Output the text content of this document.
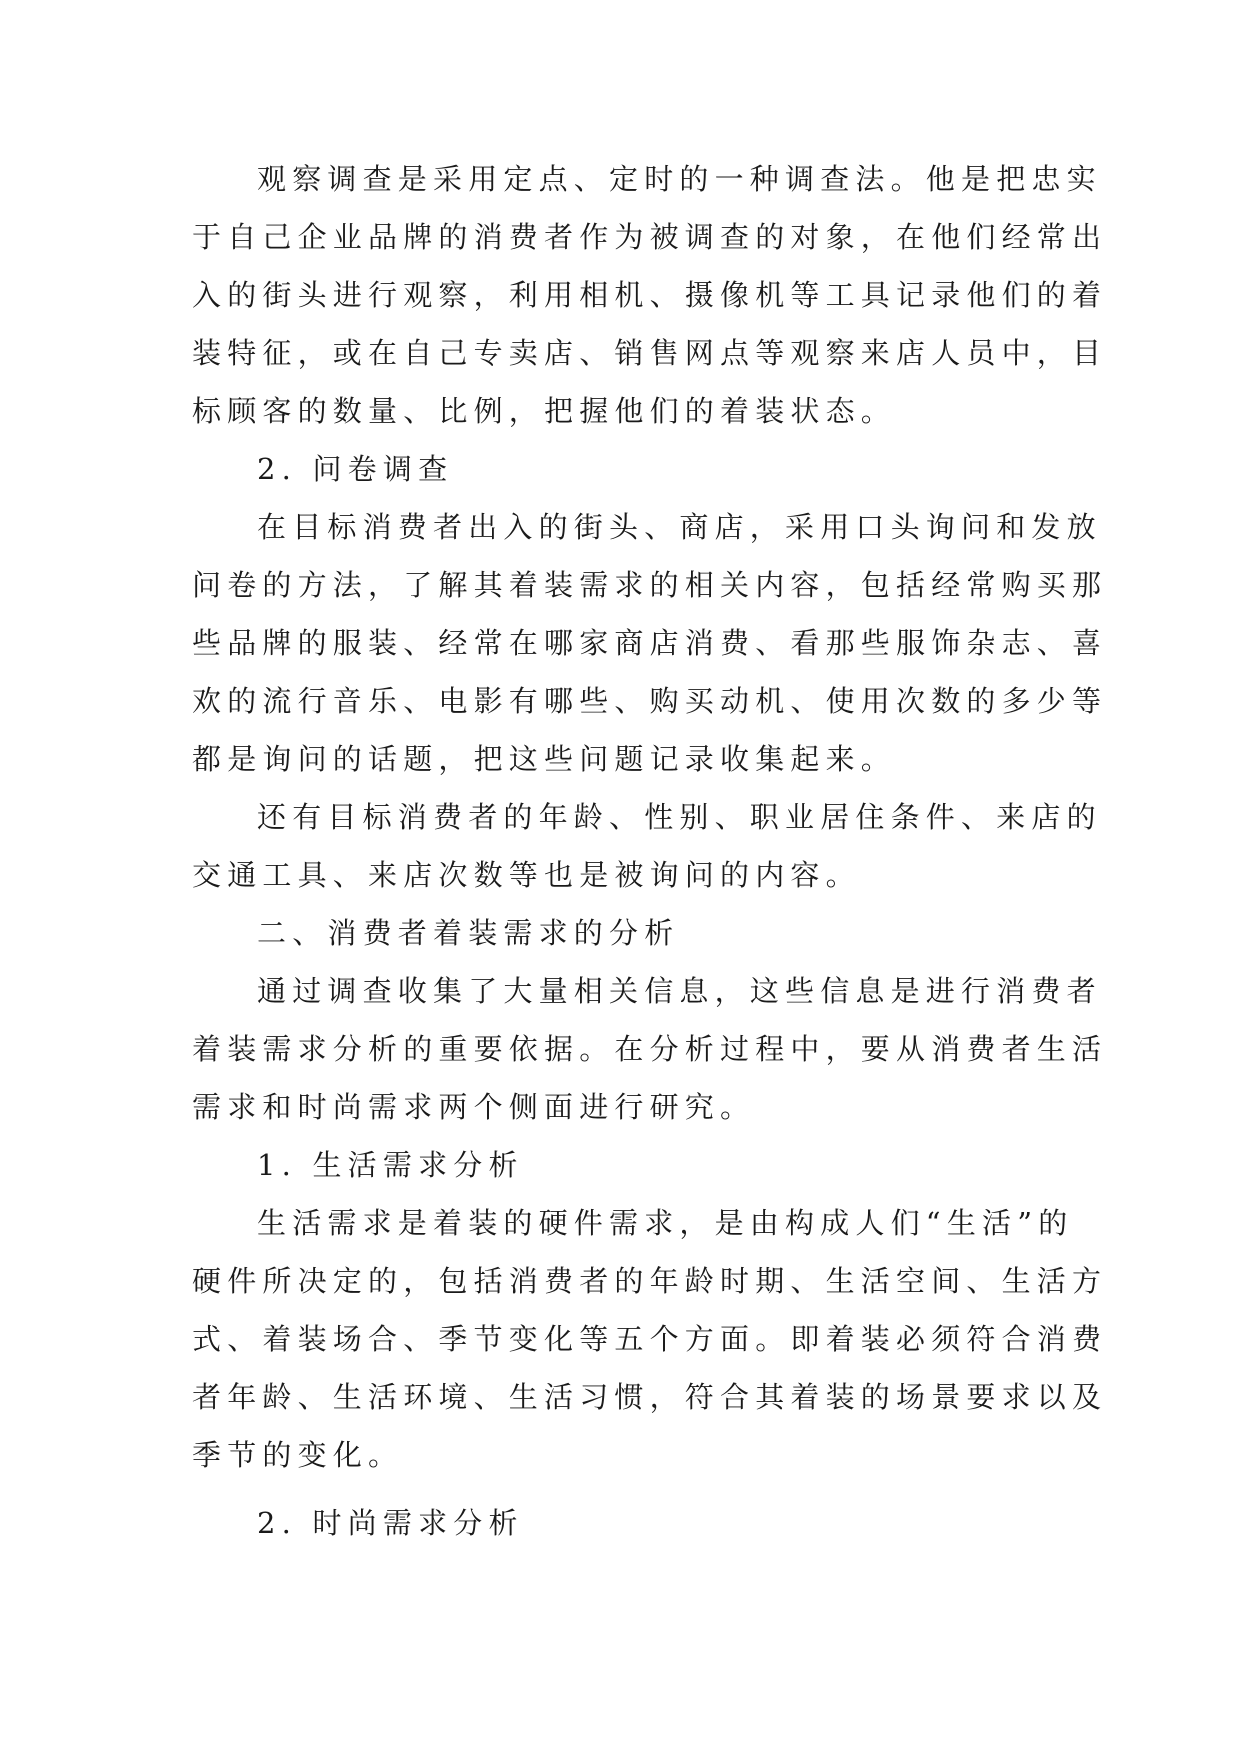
观察调查是采用定点、定时的一种调查法。他是把忠实
于自己企业品牌的消费者作为被调查的对象，在他们经常出
入的街头进行观察，利用相机、摄像机等工具记录他们的着
装特征，或在自己专卖店、销售网点等观察来店人员中，目
标顾客的数量、比例，把握他们的着装状态。
2. 问卷调查
在目标消费者出入的街头、商店，采用口头询问和发放
问卷的方法，了解其着装需求的相关内容，包括经常购买那
些品牌的服装、经常在哪家商店消费、看那些服饰杂志、喜
欢的流行音乐、电影有哪些、购买动机、使用次数的多少等
都是询问的话题，把这些问题记录收集起来。
还有目标消费者的年龄、性别、职业居住条件、来店的
交通工具、来店次数等也是被询问的内容。
二、消费者着装需求的分析
通过调查收集了大量相关信息，这些信息是进行消费者
着装需求分析的重要依据。在分析过程中，要从消费者生活
需求和时尚需求两个侧面进行研究。
1. 生活需求分析
生活需求是着装的硬件需求，是由构成人们“生活”的
硬件所决定的，包括消费者的年龄时期、生活空间、生活方
式、着装场合、季节变化等五个方面。即着装必须符合消费
者年龄、生活环境、生活习惯，符合其着装的场景要求以及
季节的变化。
2. 时尚需求分析
